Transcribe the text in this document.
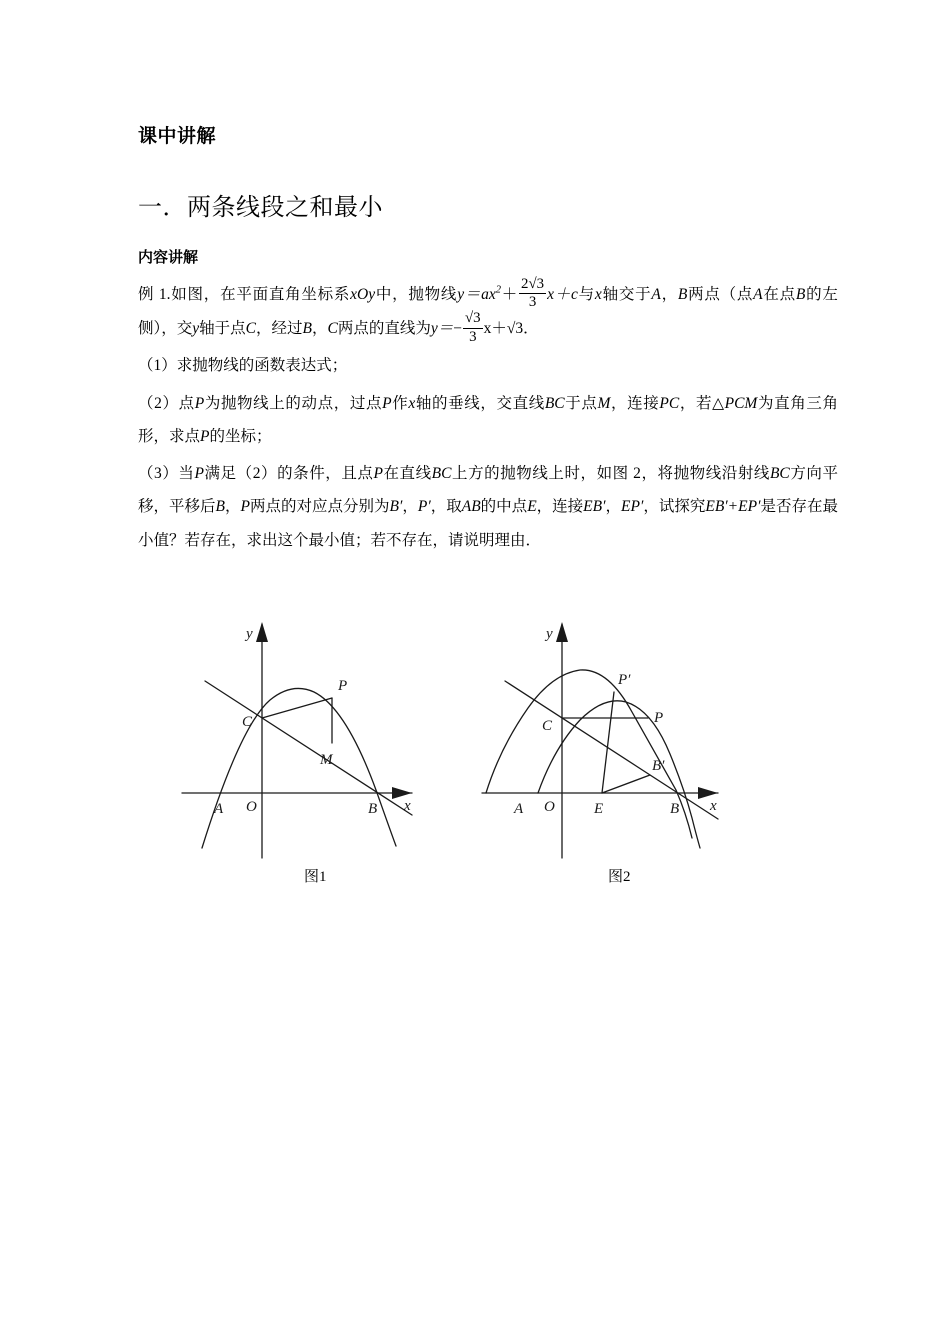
课中讲解
一．两条线段之和最小
内容讲解

例 1.如图，在平面直角坐标系xOy中，抛物线$y=ax^2+ \frac{2√3}{3} x+c$与x轴交于A，B两点（点A在点B的左侧），交y轴于点C，经过B，C两点的直线为$y=- \frac{√3}{3} x+√3$．

（1）求抛物线的函数表达式；

（2）点P为抛物线上的动点，过点P作x轴的垂线，交直线BC于点M，连接PC，若△PCM为直角三角形，求点P的坐标；

（3）当P满足（2）的条件，且点P在直线BC上方的抛物线上时，如图 2，将抛物线沿射线BC方向平移，平移后B，P两点的对应点分别为B′，P′，取AB的中点E，连接EB′，EP′，试探究EB′+EP′是否存在最小值？若存在，求出这个最小值；若不存在，请说明理由．

y
x
O
A	B
C
P
M
图1
y
x
O
A	B
C
E
P
P′
B′
图2
